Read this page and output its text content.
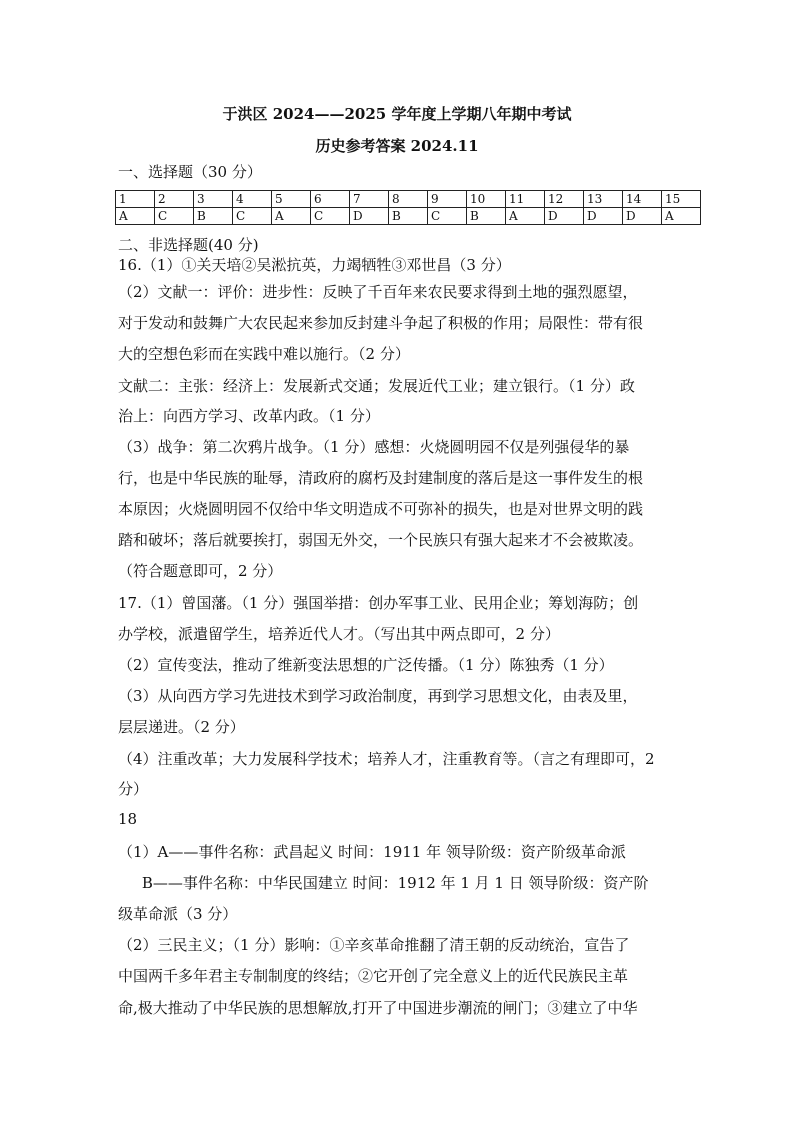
于洪区 2024——2025 学年度上学期八年期中考试
历史参考答案 2024.11
一、选择题（30 分）
1	2	3	4	5	6	7	8	9	10	11	12	13	14	15
A	C	B	C	A	C	D	B	C	B	A	D	D	D	A
二、非选择题(40 分)
16.（1）①关天培②吴淞抗英，力竭牺牲③邓世昌（3 分）
（2）文献一：评价：进步性：反映了千百年来农民要求得到土地的强烈愿望，
对于发动和鼓舞广大农民起来参加反封建斗争起了积极的作用；局限性：带有很
大的空想色彩而在实践中难以施行。（2 分）
文献二：主张：经济上：发展新式交通；发展近代工业；建立银行。（1 分）政
治上：向西方学习、改革内政。（1 分）
（3）战争：第二次鸦片战争。（1 分）感想：火烧圆明园不仅是列强侵华的暴
行，也是中华民族的耻辱，清政府的腐朽及封建制度的落后是这一事件发生的根
本原因；火烧圆明园不仅给中华文明造成不可弥补的损失，也是对世界文明的践
踏和破坏；落后就要挨打，弱国无外交，一个民族只有强大起来才不会被欺凌。
（符合题意即可，2 分）
17.（1）曾国藩。（1 分）强国举措：创办军事工业、民用企业；筹划海防；创
办学校，派遣留学生，培养近代人才。（写出其中两点即可，2 分）
（2）宣传变法，推动了维新变法思想的广泛传播。（1 分）陈独秀（1 分）
（3）从向西方学习先进技术到学习政治制度，再到学习思想文化，由表及里，
层层递进。（2 分）
（4）注重改革；大力发展科学技术；培养人才，注重教育等。（言之有理即可，2
分）
18
（1）A——事件名称：武昌起义 时间：1911 年 领导阶级：资产阶级革命派
B——事件名称：中华民国建立 时间：1912 年 1 月 1 日 领导阶级：资产阶
级革命派（3 分）
（2）三民主义；（1 分）影响：①辛亥革命推翻了清王朝的反动统治，宣告了
中国两千多年君主专制制度的终结；②它开创了完全意义上的近代民族民主革
命,极大推动了中华民族的思想解放,打开了中国进步潮流的闸门；③建立了中华
